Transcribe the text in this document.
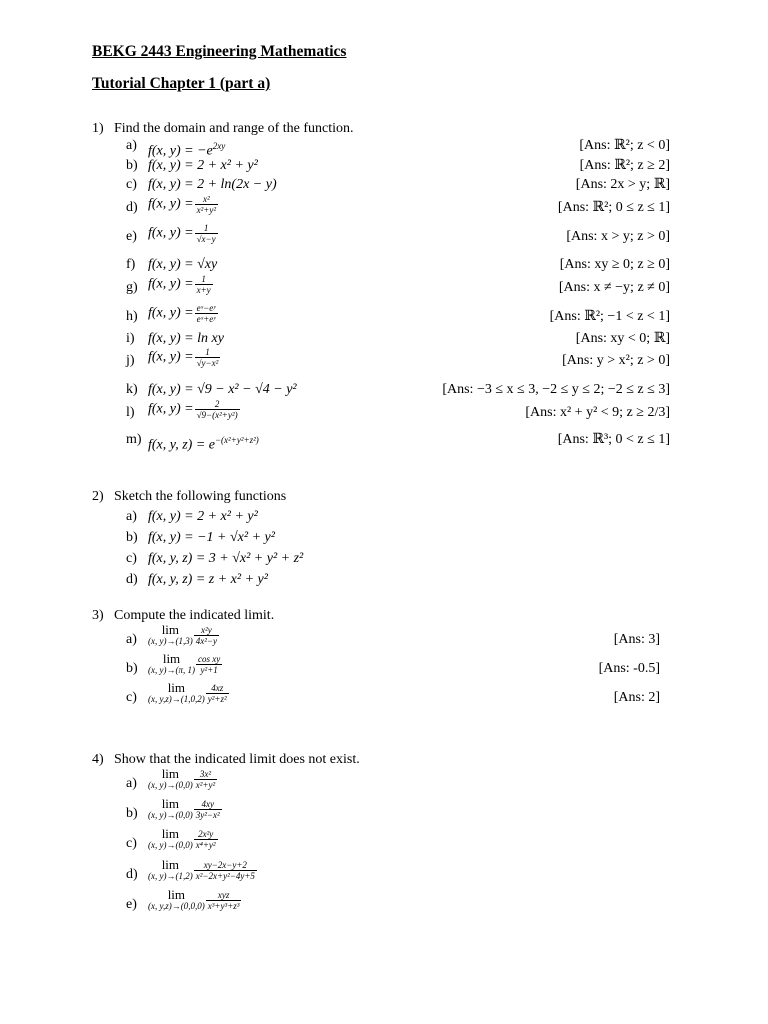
BEKG 2443 Engineering Mathematics
Tutorial Chapter 1 (part a)
1) Find the domain and range of the function.
a) f(x, $y) = -e^{2xy}$	[Ans: ℝ²; z < 0]
b) f(x, y) = 2 + x² + y²	[Ans: ℝ²; z ≥ 2]
c) f(x, y) = 2 + ln(2x − y)	[Ans: 2x > y; ℝ]
d) f(x, $y) = \frac{\text{x²}}{\text{x²+y²}}$	[Ans: ℝ²; 0 ≤ z ≤ 1]
e) f(x, $y) = \frac{1}{√x-y}$	[Ans: x > y; z > 0]
f) f(x, y) = √xy	[Ans: xy ≥ 0; z ≥ 0]
g) f(x, $y) = \frac{1}{x+y}$	[Ans: x ≠ −y; z ≠ 0]
h) f(x, $y) = \frac{\text{eˣ−eʸ}}{\text{eˣ+eʸ}}$	[Ans: ℝ²; −1 < z < 1]
i) f(x, y) = ln xy	[Ans: xy < 0; ℝ]
j) f(x, $y) = \frac{1}{\text{√y−x²}}$	[Ans: y > x²; z > 0]
k) f(x, y) = √9 − x² − √4 − y²	[Ans: −3 ≤ x ≤ 3, −2 ≤ y ≤ 2; −2 ≤ z ≤ 3]
l) f(x, $y) = \frac{2}{\text{√9−(x²+y²)}}$	[Ans: x² + y² < 9; z ≥ 2/3]
m) f(x, y, $z) = e^{-(x^2+y^2+z^2)}$	[Ans: ℝ³; 0 < z ≤ 1]
2) Sketch the following functions
a) f(x, y) = 2 + x² + y²
b) f(x, y) = −1 + √x² + y²
c) f(x, y, z) = 3 + √x² + y² + z²
d) f(x, y, z) = z + x² + y²
3) Compute the indicated limit.
a)
lim
(x, $y)\to(1,3) \frac{\text{x²y}}{\text{4x²−y}}$	[Ans: 3]
b)
lim
(x, y)→(π, $1) \frac{\text{cos xy}}{\text{y²+1}}$	[Ans: -0.5]
c)
lim
(x, $y,z)\to(1,0,2) \frac{4xz}{\text{y²+z²}}$	[Ans: 2]
4) Show that the indicated limit does not exist.
a)
lim
(x, $y)\to(0,0) \frac{\text{3x²}}{\text{x²+y²}}$
b)
lim
(x, $y)\to(0,0) \frac{4xy}{\text{3y²−x²}}$
c)
lim
(x, $y)\to(0,0) \frac{\text{2x²y}}{\text{x⁴+y²}}$
d)
lim
(x, $y)\to(1,2) \frac{xy-2x-y+2}{\text{x²−2x+y²−4y+5}}$
e)
lim
(x, $y,z)\to(0,0,0) \frac{\text{xyz}}{\text{x³+y³+z³}}$
